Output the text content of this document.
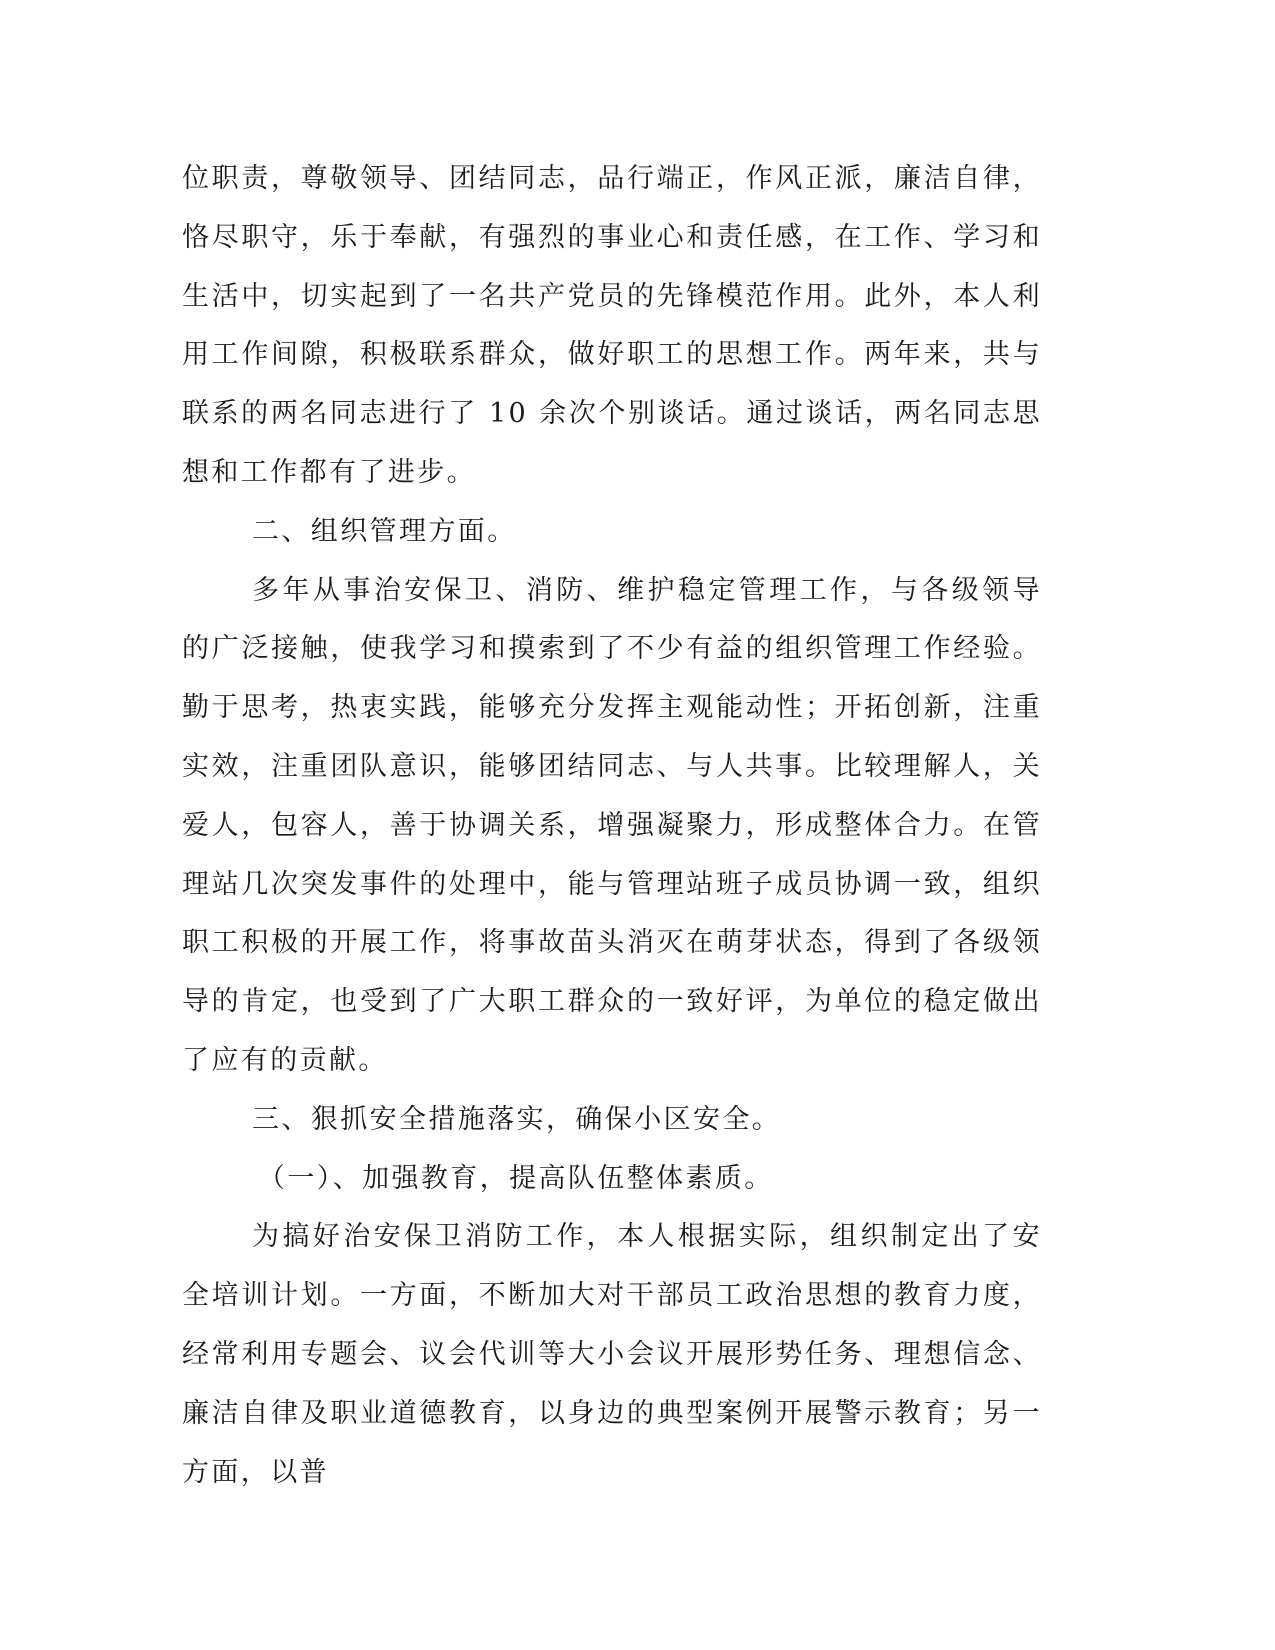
位职责，尊敬领导、团结同志，品行端正，作风正派，廉洁自律，恪尽职守，乐于奉献，有强烈的事业心和责任感，在工作、学习和生活中，切实起到了一名共产党员的先锋模范作用。此外，本人利用工作间隙，积极联系群众，做好职工的思想工作。两年来，共与联系的两名同志进行了 10 余次个别谈话。通过谈话，两名同志思想和工作都有了进步。

二、组织管理方面。

多年从事治安保卫、消防、维护稳定管理工作，与各级领导的广泛接触，使我学习和摸索到了不少有益的组织管理工作经验。勤于思考，热衷实践，能够充分发挥主观能动性；开拓创新，注重实效，注重团队意识，能够团结同志、与人共事。比较理解人，关爱人，包容人，善于协调关系，增强凝聚力，形成整体合力。在管理站几次突发事件的处理中，能与管理站班子成员协调一致，组织职工积极的开展工作，将事故苗头消灭在萌芽状态，得到了各级领导的肯定，也受到了广大职工群众的一致好评，为单位的稳定做出了应有的贡献。

三、狠抓安全措施落实，确保小区安全。

（一）、加强教育，提高队伍整体素质。

为搞好治安保卫消防工作，本人根据实际，组织制定出了安全培训计划。一方面，不断加大对干部员工政治思想的教育力度，经常利用专题会、议会代训等大小会议开展形势任务、理想信念、廉洁自律及职业道德教育，以身边的典型案例开展警示教育；另一方面，以普
